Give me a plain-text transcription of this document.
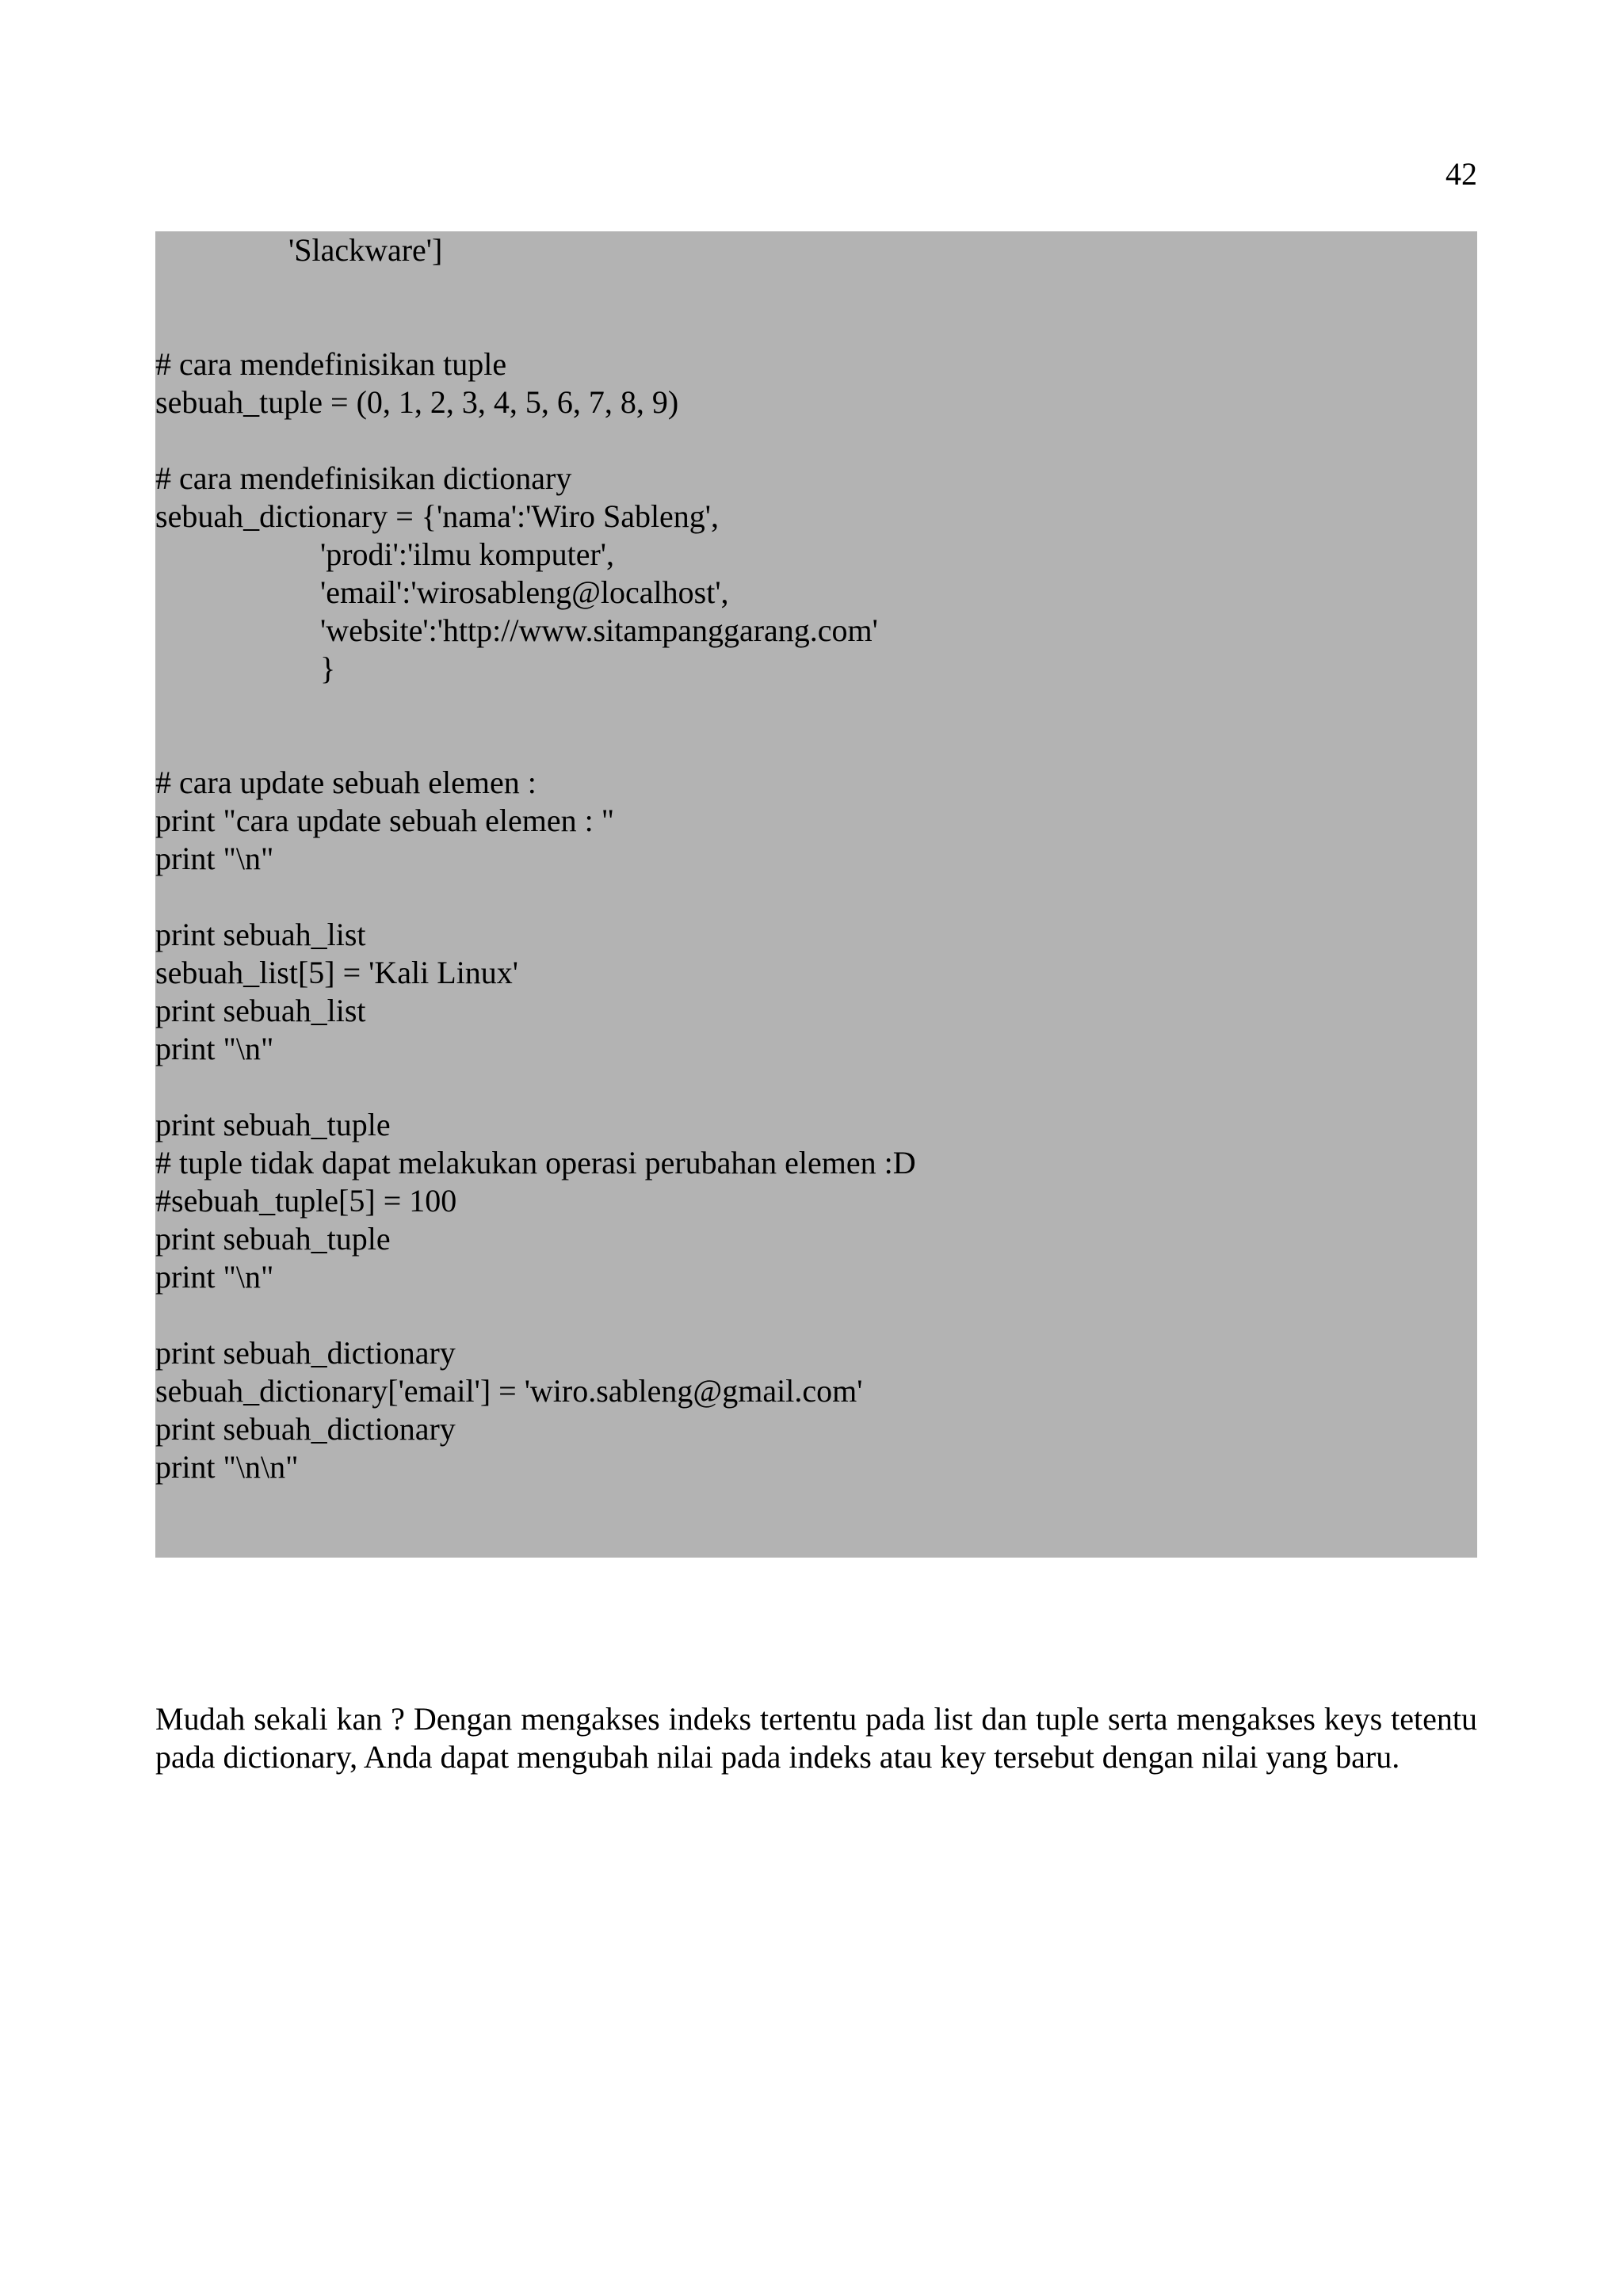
42
'Slackware']
# cara mendefinisikan tuple
sebuah_tuple = (0, 1, 2, 3, 4, 5, 6, 7, 8, 9)
# cara mendefinisikan dictionary
sebuah_dictionary = {'nama':'Wiro Sableng',
'prodi':'ilmu komputer',
'email':'wirosableng@localhost',
'website':'http://www.sitampanggarang.com'
}
# cara update sebuah elemen :
print "cara update sebuah elemen : "
print "\n"
print sebuah_list
sebuah_list[5] = 'Kali Linux'
print sebuah_list
print "\n"
print sebuah_tuple
# tuple tidak dapat melakukan operasi perubahan elemen :D
#sebuah_tuple[5] = 100
print sebuah_tuple
print "\n"
print sebuah_dictionary
sebuah_dictionary['email'] = 'wiro.sableng@gmail.com'
print sebuah_dictionary
print "\n\n"

Mudah sekali kan ? Dengan mengakses indeks tertentu pada list dan tuple serta mengakses keys tetentu pada dictionary, Anda dapat mengubah nilai pada indeks atau key tersebut dengan nilai yang baru.
